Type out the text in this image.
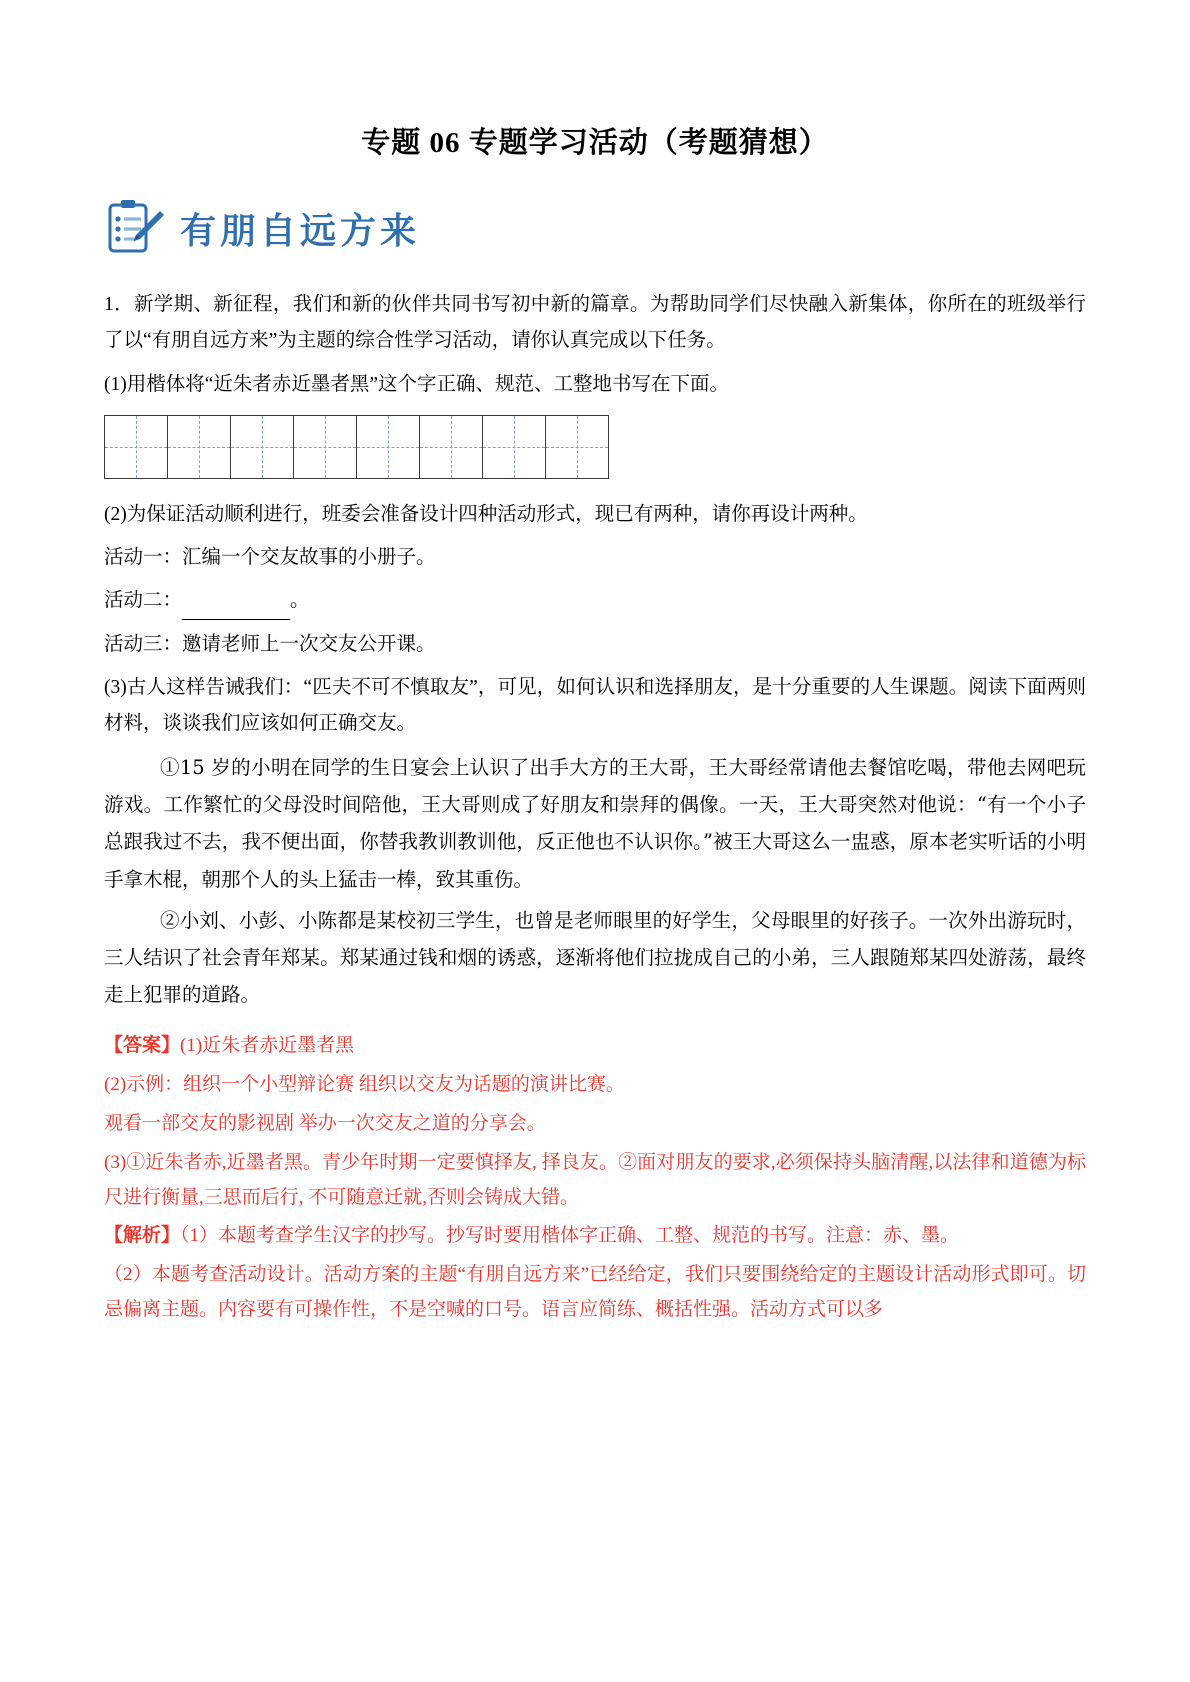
专题 06 专题学习活动（考题猜想）
有朋自远方来

1．新学期、新征程，我们和新的伙伴共同书写初中新的篇章。为帮助同学们尽快融入新集体，你所在的班级举行了以“有朋自远方来”为主题的综合性学习活动，请你认真完成以下任务。

(1)用楷体将“近朱者赤近墨者黑”这个字正确、规范、工整地书写在下面。

(2)为保证活动顺利进行，班委会准备设计四种活动形式，现已有两种，请你再设计两种。

活动一：汇编一个交友故事的小册子。

活动二：	。

活动三：邀请老师上一次交友公开课。

(3)古人这样告诫我们：“匹夫不可不慎取友”，可见，如何认识和选择朋友，是十分重要的人生课题。阅读下面两则材料，谈谈我们应该如何正确交友。

①15 岁的小明在同学的生日宴会上认识了出手大方的王大哥，王大哥经常请他去餐馆吃喝，带他去网吧玩游戏。工作繁忙的父母没时间陪他，王大哥则成了好朋友和崇拜的偶像。一天，王大哥突然对他说：“有一个小子总跟我过不去，我不便出面，你替我教训教训他，反正他也不认识你。”被王大哥这么一盅惑，原本老实听话的小明手拿木棍，朝那个人的头上猛击一棒，致其重伤。

②小刘、小彭、小陈都是某校初三学生，也曾是老师眼里的好学生，父母眼里的好孩子。一次外出游玩时，三人结识了社会青年郑某。郑某通过钱和烟的诱惑，逐渐将他们拉拢成自己的小弟，三人跟随郑某四处游荡，最终走上犯罪的道路。

【答案】(1)近朱者赤近墨者黑

(2)示例：组织一个小型辩论赛 组织以交友为话题的演讲比赛。

观看一部交友的影视剧 举办一次交友之道的分享会。

(3)①近朱者赤,近墨者黑。青少年时期一定要慎择友, 择良友。②面对朋友的要求,必须保持头脑清醒,以法律和道德为标尺进行衡量,三思而后行, 不可随意迁就,否则会铸成大错。

【解析】（1）本题考查学生汉字的抄写。抄写时要用楷体字正确、工整、规范的书写。注意：赤、墨。

（2）本题考查活动设计。活动方案的主题“有朋自远方来”已经给定，我们只要围绕给定的主题设计活动形式即可。切忌偏离主题。内容要有可操作性，不是空喊的口号。语言应简练、概括性强。活动方式可以多
